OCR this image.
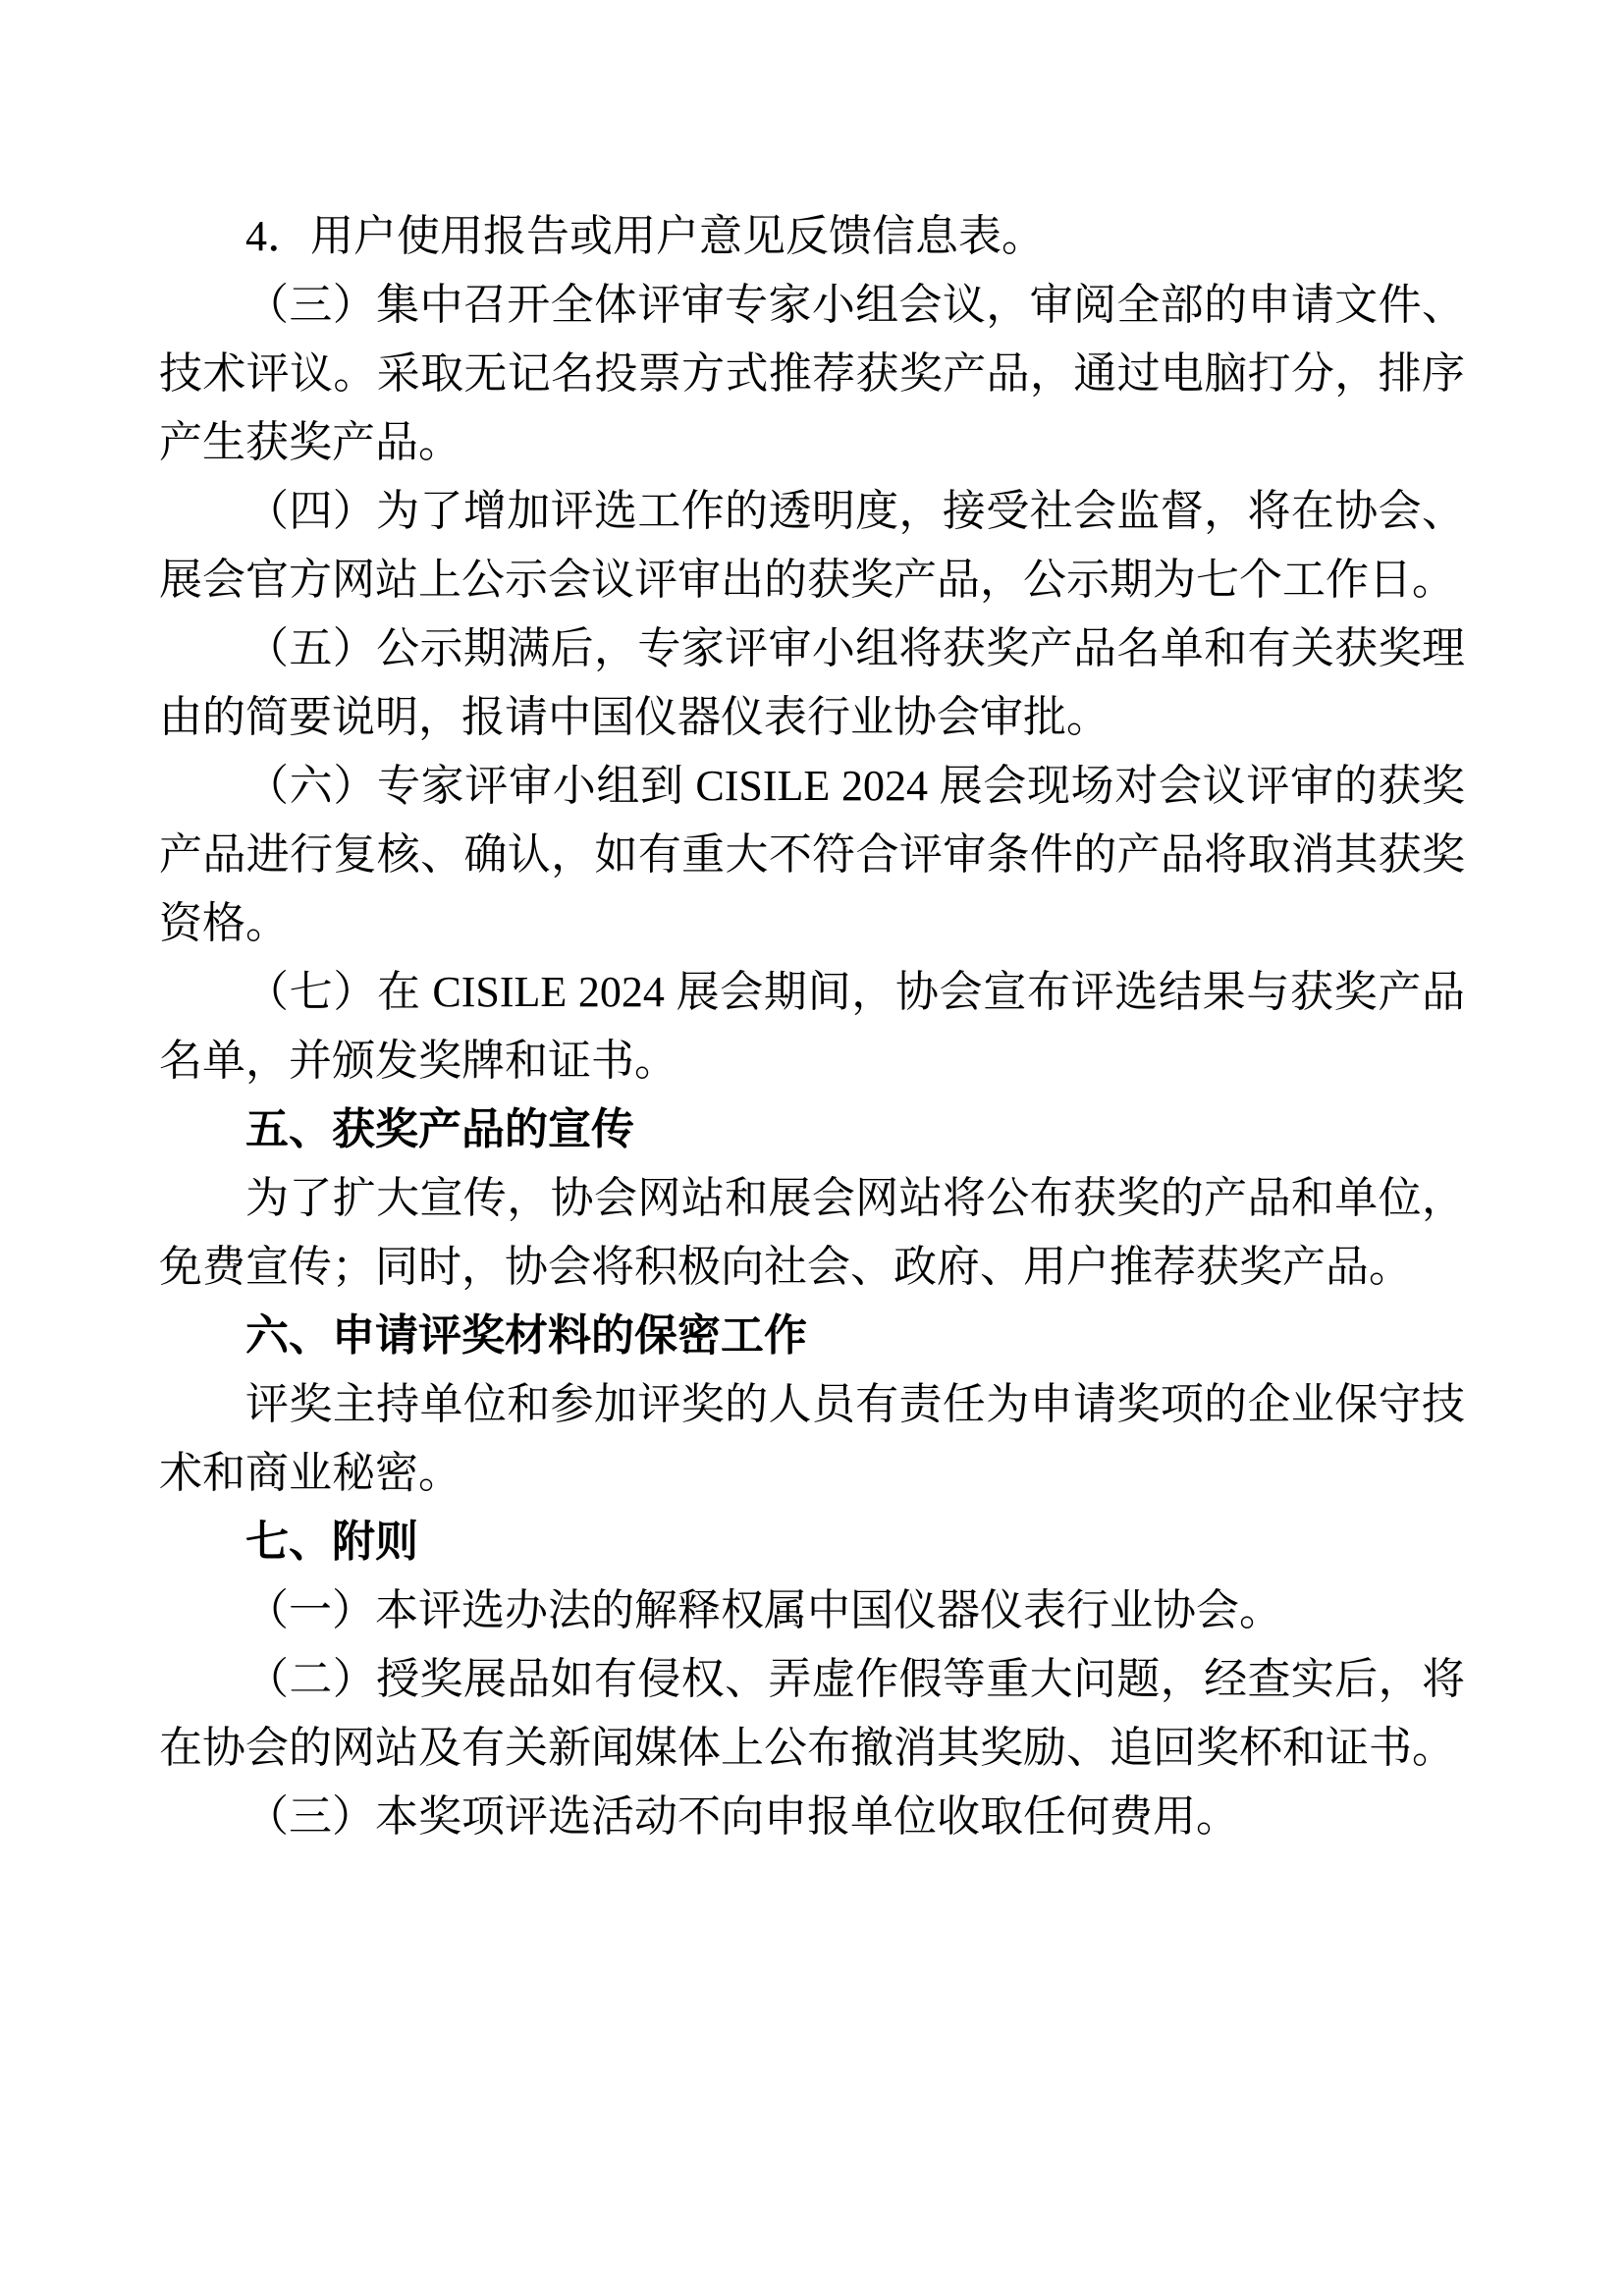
4．用户使用报告或用户意见反馈信息表。

（三）集中召开全体评审专家小组会议，审阅全部的申请文件、技术评议。采取无记名投票方式推荐获奖产品，通过电脑打分，排序产生获奖产品。

（四）为了增加评选工作的透明度，接受社会监督，将在协会、展会官方网站上公示会议评审出的获奖产品，公示期为七个工作日。

（五）公示期满后，专家评审小组将获奖产品名单和有关获奖理由的简要说明，报请中国仪器仪表行业协会审批。

（六）专家评审小组到 CISILE 2024 展会现场对会议评审的获奖产品进行复核、确认，如有重大不符合评审条件的产品将取消其获奖资格。

（七）在 CISILE 2024 展会期间，协会宣布评选结果与获奖产品名单，并颁发奖牌和证书。

五、获奖产品的宣传

为了扩大宣传，协会网站和展会网站将公布获奖的产品和单位，免费宣传；同时，协会将积极向社会、政府、用户推荐获奖产品。

六、申请评奖材料的保密工作

评奖主持单位和参加评奖的人员有责任为申请奖项的企业保守技术和商业秘密。

七、附则

（一）本评选办法的解释权属中国仪器仪表行业协会。

（二）授奖展品如有侵权、弄虚作假等重大问题，经查实后，将在协会的网站及有关新闻媒体上公布撤消其奖励、追回奖杯和证书。

（三）本奖项评选活动不向申报单位收取任何费用。
